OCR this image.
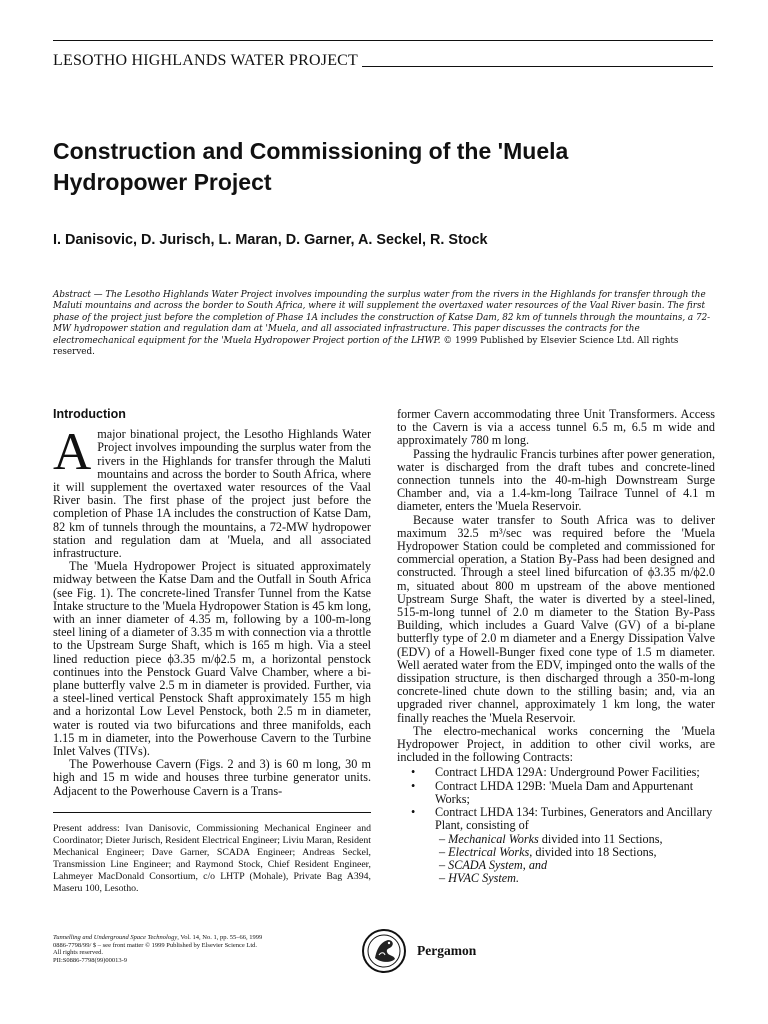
LESOTHO HIGHLANDS WATER PROJECT
Construction and Commissioning of the 'Muela Hydropower Project
I. Danisovic, D. Jurisch, L. Maran, D. Garner, A. Seckel, R. Stock

Abstract — The Lesotho Highlands Water Project involves impounding the surplus water from the rivers in the Highlands for transfer through the Maluti mountains and across the border to South Africa, where it will supplement the overtaxed water resources of the Vaal River basin. The first phase of the project just before the completion of Phase 1A includes the construction of Katse Dam, 82 km of tunnels through the mountains, a 72-MW hydropower station and regulation dam at 'Muela, and all associated infrastructure. This paper discusses the contracts for the electromechanical equipment for the 'Muela Hydropower Project portion of the LHWP. © 1999 Published by Elsevier Science Ltd. All rights reserved.

Introduction

Amajor binational project, the Lesotho Highlands Water Project involves impounding the surplus water from the rivers in the Highlands for transfer through the Maluti mountains and across the border to South Africa, where it will supplement the overtaxed water resources of the Vaal River basin. The first phase of the project just before the completion of Phase 1A includes the construction of Katse Dam, 82 km of tunnels through the mountains, a 72-MW hydropower station and regulation dam at 'Muela, and all associated infrastructure.

The 'Muela Hydropower Project is situated approximately midway between the Katse Dam and the Outfall in South Africa (see Fig. 1). The concrete-lined Transfer Tunnel from the Katse Intake structure to the 'Muela Hydropower Station is 45 km long, with an inner diameter of 4.35 m, following by a 100-m-long steel lining of a diameter of 3.35 m with connection via a throttle to the Upstream Surge Shaft, which is 165 m high. Via a steel lined reduction piece ϕ3.35 m/ϕ2.5 m, a horizontal penstock continues into the Penstock Guard Valve Chamber, where a bi-plane butterfly valve 2.5 m in diameter is provided. Further, via a steel-lined vertical Penstock Shaft approximately 155 m high and a horizontal Low Level Penstock, both 2.5 m in diameter, water is routed via two bifurcations and three manifolds, each 1.15 m in diameter, into the Powerhouse Cavern to the Turbine Inlet Valves (TIVs).

The Powerhouse Cavern (Figs. 2 and 3) is 60 m long, 30 m high and 15 m wide and houses three turbine generator units. Adjacent to the Powerhouse Cavern is a Trans-

former Cavern accommodating three Unit Transformers. Access to the Cavern is via a access tunnel 6.5 m, 6.5 m wide and approximately 780 m long.

Passing the hydraulic Francis turbines after power generation, water is discharged from the draft tubes and concrete-lined connection tunnels into the 40-m-high Downstream Surge Chamber and, via a 1.4-km-long Tailrace Tunnel of 4.1 m diameter, enters the 'Muela Reservoir.

Because water transfer to South Africa was to deliver maximum 32.5 m³/sec was required before the 'Muela Hydropower Station could be completed and commissioned for commercial operation, a Station By-Pass had been designed and constructed. Through a steel lined bifurcation of ϕ3.35 m/ϕ2.0 m, situated about 800 m upstream of the above mentioned Upstream Surge Shaft, the water is diverted by a steel-lined, 515-m-long tunnel of 2.0 m diameter to the Station By-Pass Building, which includes a Guard Valve (GV) of a bi-plane butterfly type of 2.0 m diameter and a Energy Dissipation Valve (EDV) of a Howell-Bunger fixed cone type of 1.5 m diameter. Well aerated water from the EDV, impinged onto the walls of the dissipation structure, is then discharged through a 350-m-long concrete-lined chute down to the stilling basin; and, via an upgraded river channel, approximately 1 km long, the water finally reaches the 'Muela Reservoir.

The electro-mechanical works concerning the 'Muela Hydropower Project, in addition to other civil works, are included in the following Contracts:

• Contract LHDA 129A: Underground Power Facilities;
• Contract LHDA 129B: 'Muela Dam and Appurtenant Works;
• Contract LHDA 134: Turbines, Generators and Ancillary Plant, consisting of
– Mechanical Works divided into 11 Sections,
– Electrical Works, divided into 18 Sections,
– SCADA System, and
– HVAC System.
Present address: Ivan Danisovic, Commissioning Mechanical Engineer and Coordinator; Dieter Jurisch, Resident Electrical Engineer; Liviu Maran, Resident Mechanical Engineer; Dave Garner, SCADA Engineer; Andreas Seckel, Transmission Line Engineer; and Raymond Stock, Chief Resident Engineer, Lahmeyer MacDonald Consortium, c/o LHTP (Mohale), Private Bag A394, Maseru 100, Lesotho.
Tunnelling and Underground Space Technology, Vol. 14, No. 1, pp. 55–66, 1999
0886-7798/99/ $ – see front matter © 1999 Published by Elsevier Science Ltd.
All rights reserved.
PII:S0886-7798(99)00013-9
Pergamon
